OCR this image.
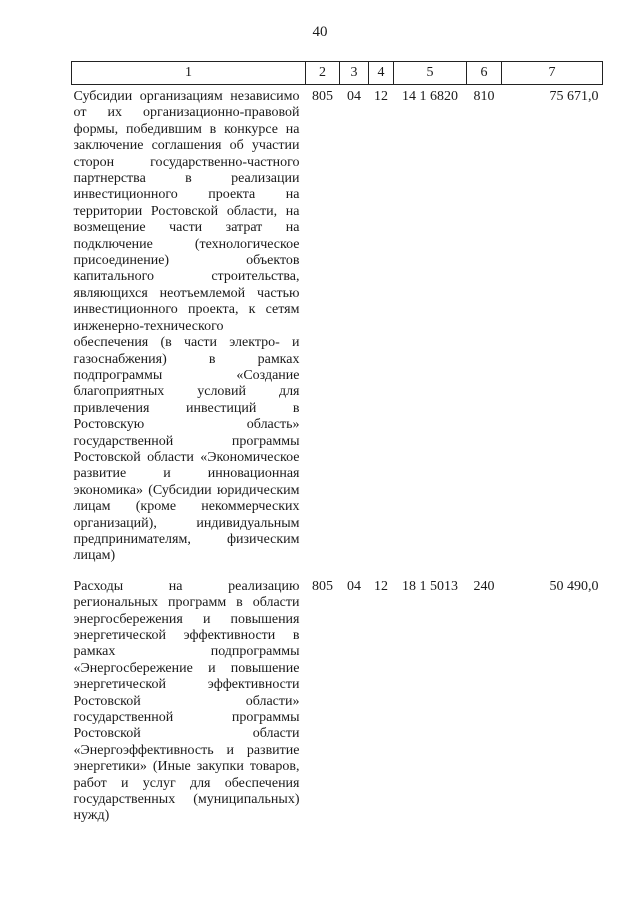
40
1	2	3	4	5	6	7
Субсидии организациям независимо от их организационно-правовой формы, победившим в конкурсе на заключение соглашения об участии сторон государственно-частного партнерства в реализации инвестиционного проекта на территории Ростовской области, на возмещение части затрат на подключение (технологическое присоединение) объектов капитального строительства, являющихся неотъемлемой частью инвестиционного проекта, к сетям инженерно-технического обеспечения (в части электро- и газоснабжения) в рамках подпрограммы «Создание благоприятных условий для привлечения инвестиций в Ростовскую область» государственной программы Ростовской области «Экономическое развитие и инновационная экономика» (Субсидии юридическим лицам (кроме некоммерческих организаций), индивидуальным предпринимателям, физическим лицам)	805	04	12	14 1 6820	810	75 671,0
Расходы на реализацию региональных программ в области энергосбережения и повышения энергетической эффективности в рамках подпрограммы «Энергосбережение и повышение энергетической эффективности Ростовской области» государственной программы Ростовской области «Энергоэффективность и развитие энергетики» (Иные закупки товаров, работ и услуг для обеспечения государственных (муниципальных) нужд)	805	04	12	18 1 5013	240	50 490,0
